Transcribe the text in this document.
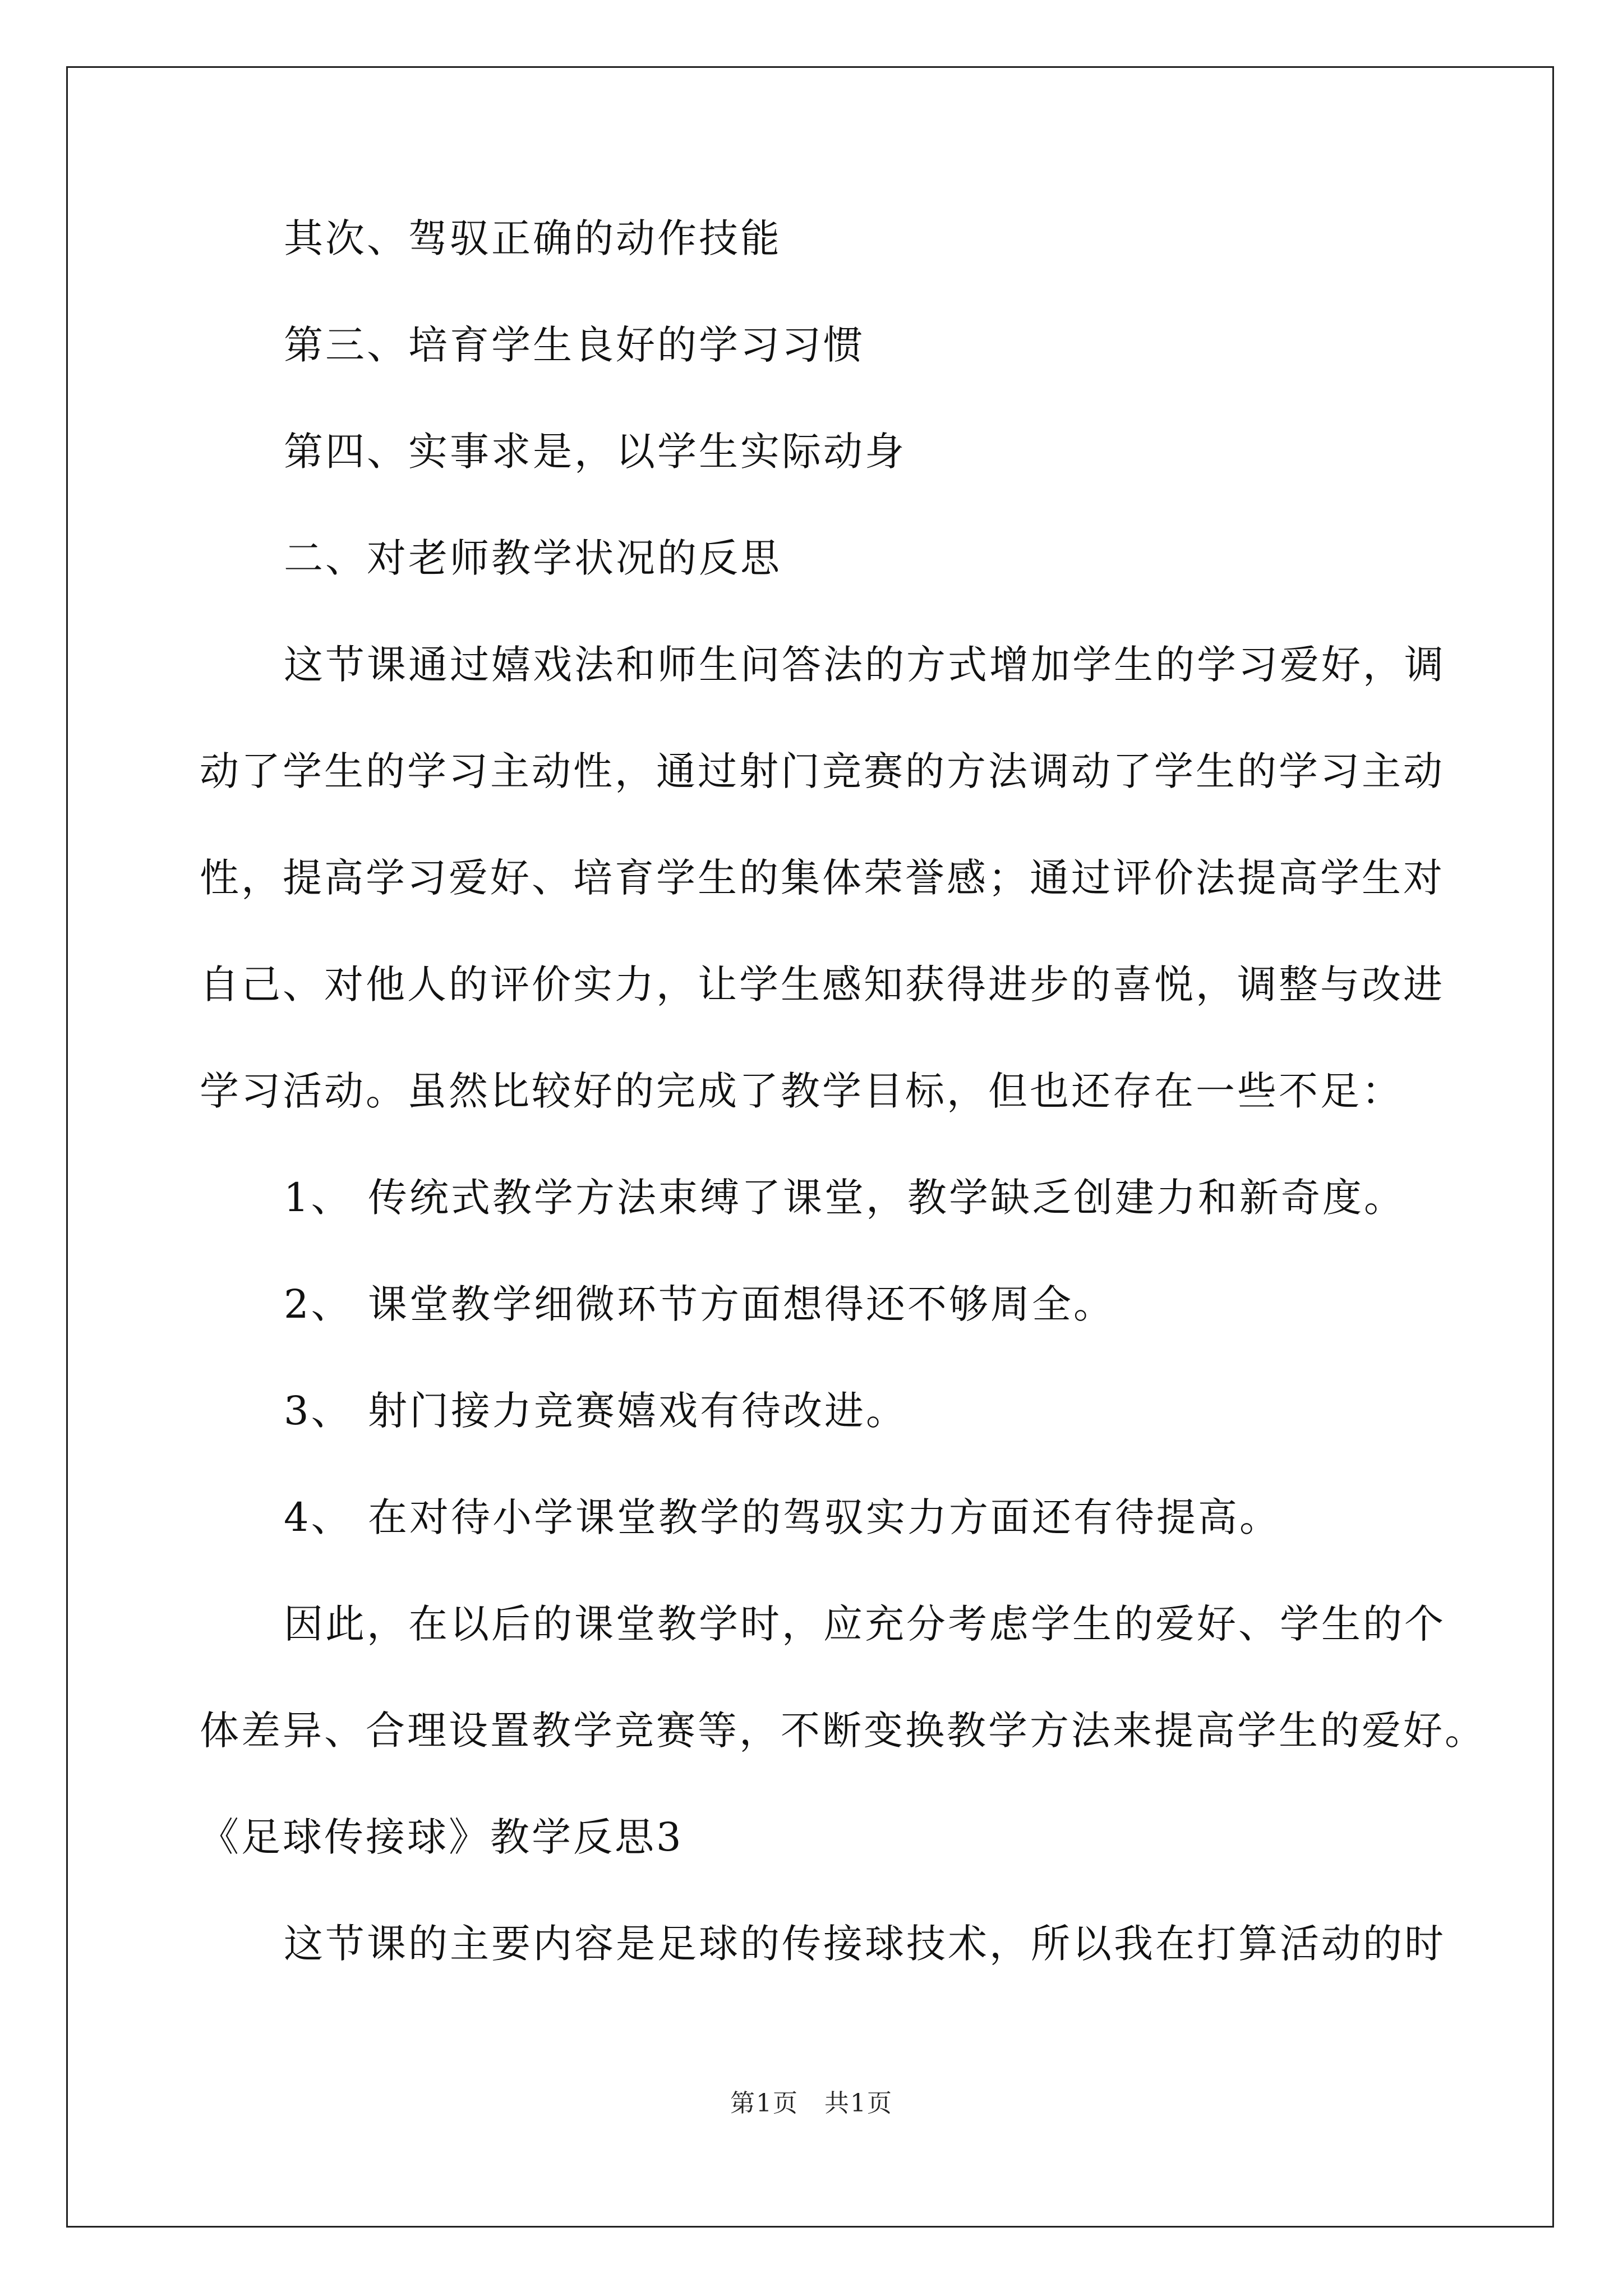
其次、驾驭正确的动作技能
第三、培育学生良好的学习习惯
第四、实事求是，以学生实际动身
二、对老师教学状况的反思
这节课通过嬉戏法和师生问答法的方式增加学生的学习爱好，调
动了学生的学习主动性，通过射门竞赛的方法调动了学生的学习主动
性，提高学习爱好、培育学生的集体荣誉感；通过评价法提高学生对
自己、对他人的评价实力，让学生感知获得进步的喜悦，调整与改进
学习活动。虽然比较好的完成了教学目标，但也还存在一些不足：
1、 传统式教学方法束缚了课堂，教学缺乏创建力和新奇度。
2、 课堂教学细微环节方面想得还不够周全。
3、 射门接力竞赛嬉戏有待改进。
4、 在对待小学课堂教学的驾驭实力方面还有待提高。
因此，在以后的课堂教学时，应充分考虑学生的爱好、学生的个
体差异、合理设置教学竞赛等，不断变换教学方法来提高学生的爱好。
《足球传接球》教学反思3
这节课的主要内容是足球的传接球技术，所以我在打算活动的时
第1页　共1页
